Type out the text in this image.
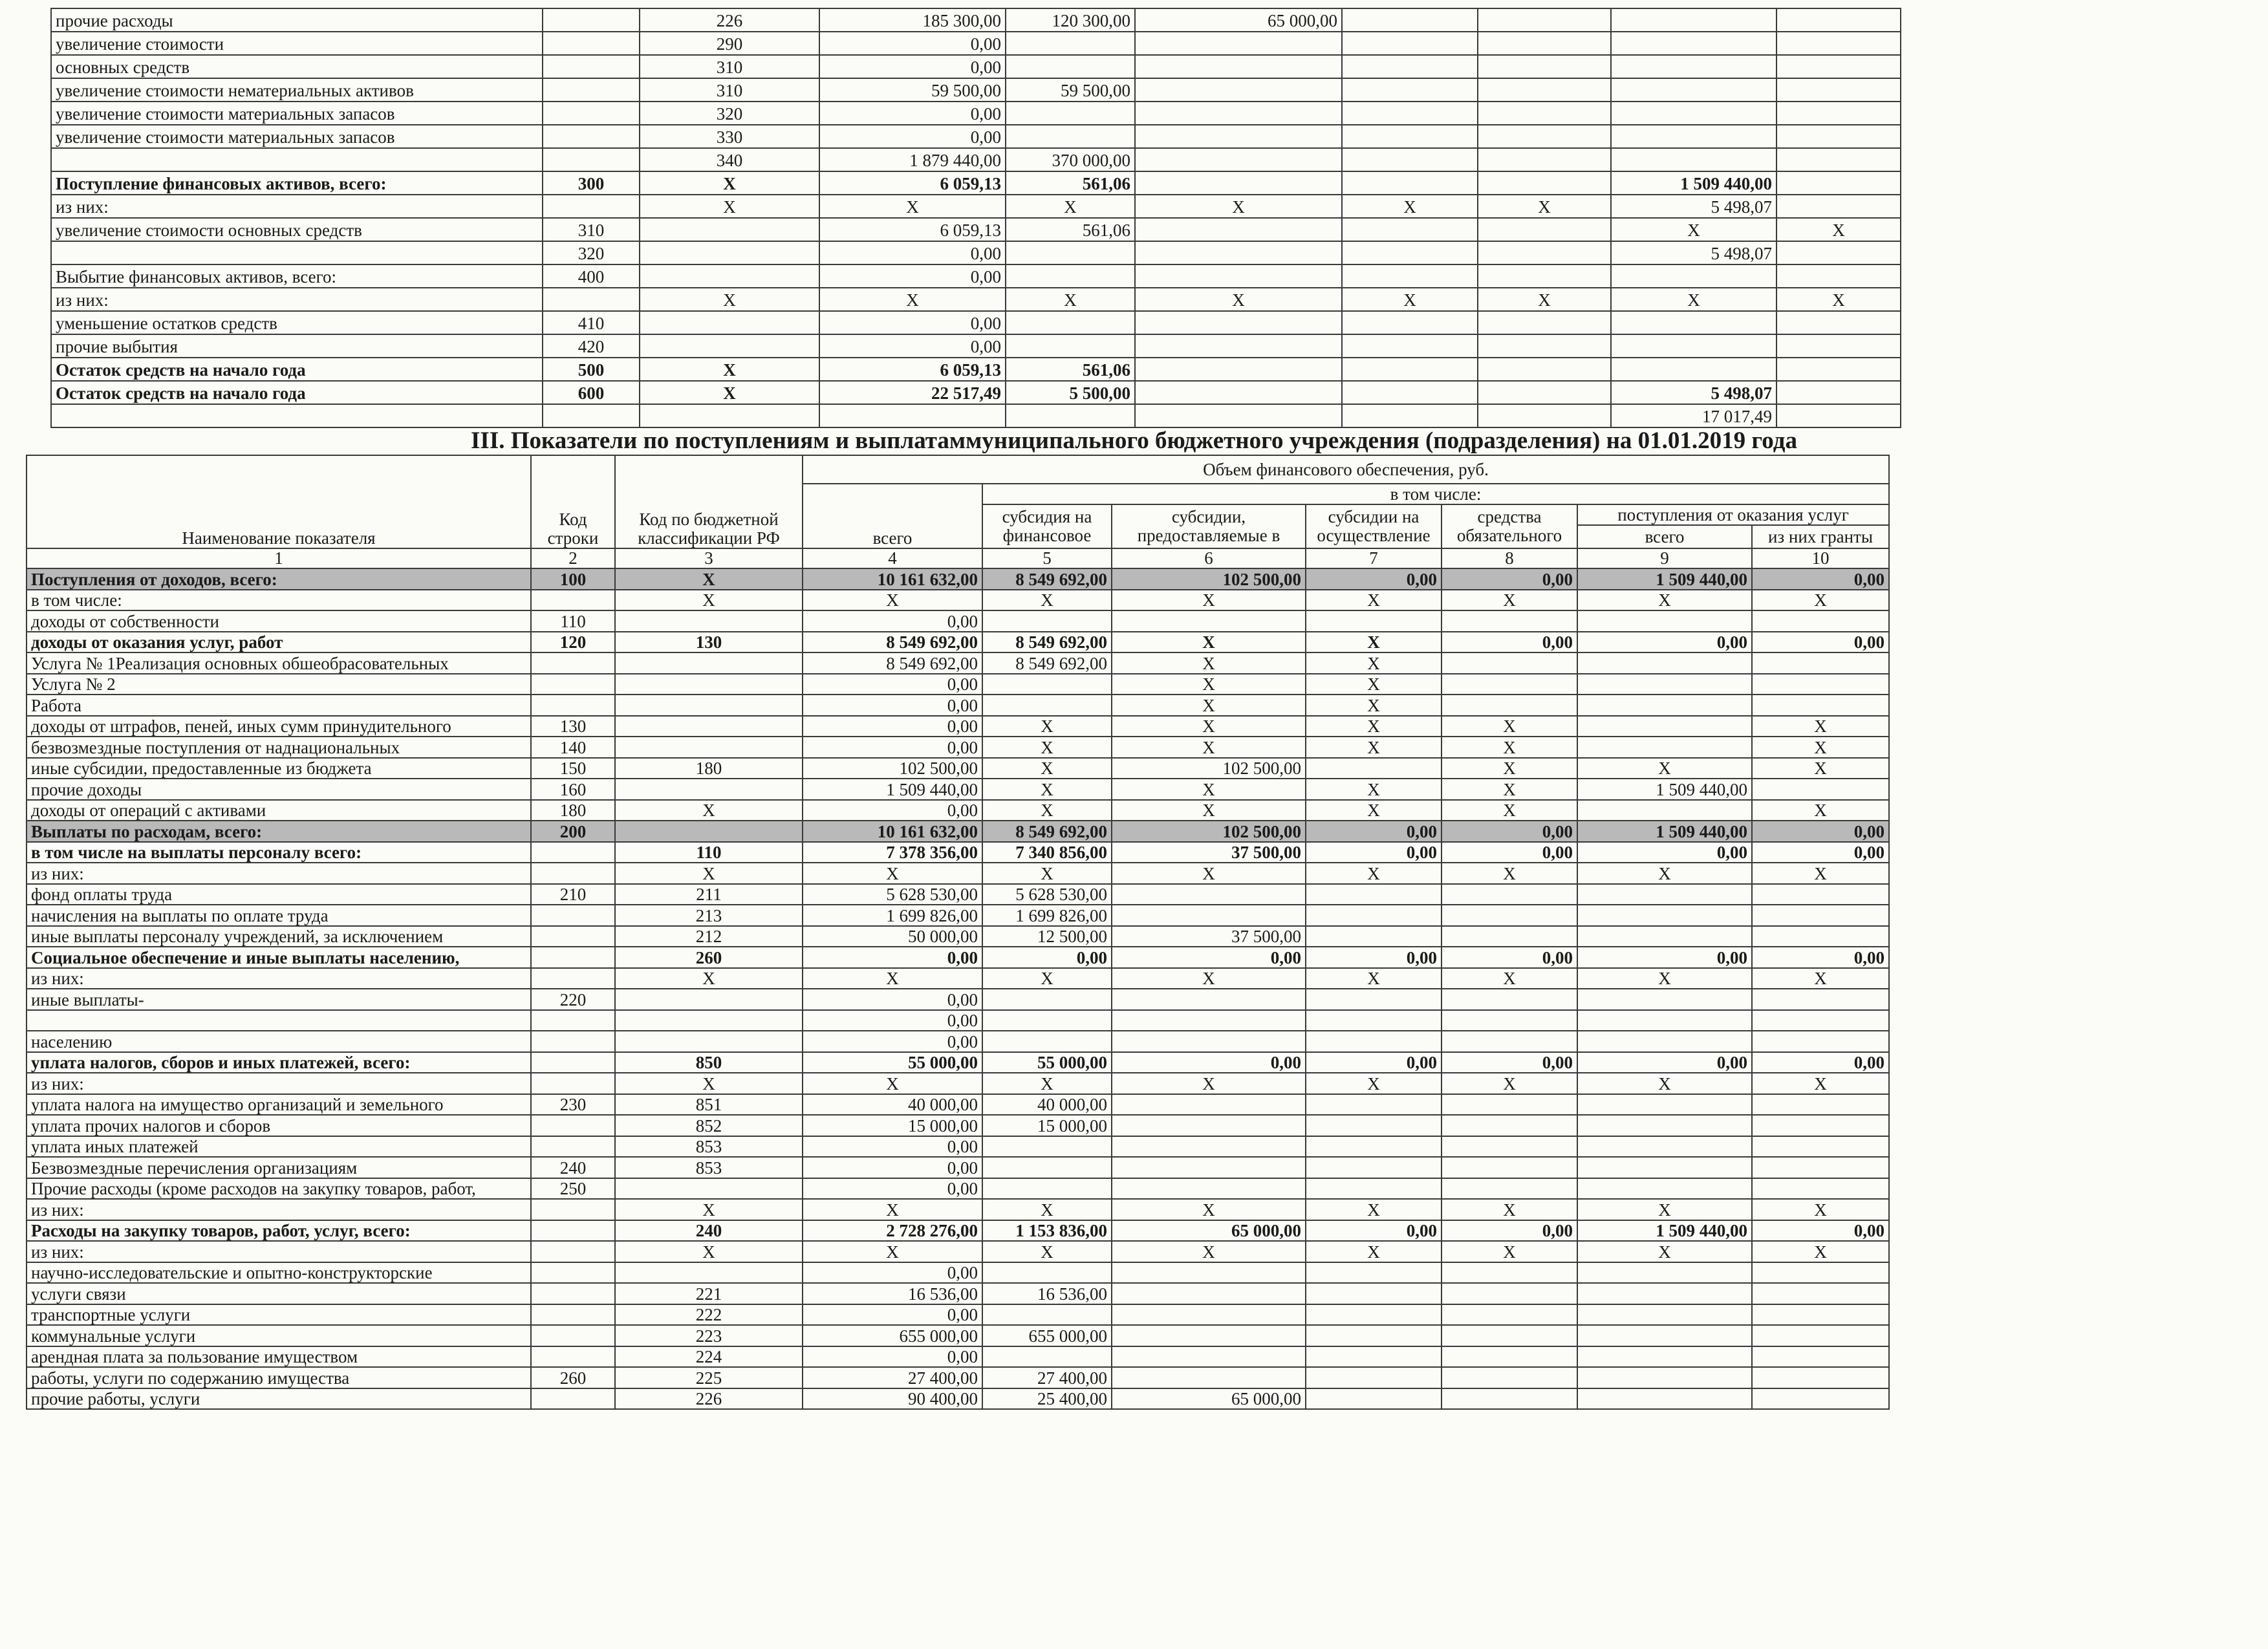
прочие расходы		226	185 300,00	120 300,00	65 000,00				
увеличение стоимости		290	0,00						
основных средств		310	0,00						
увеличение стоимости нематериальных активов		310	59 500,00	59 500,00					
увеличение стоимости материальных запасов		320	0,00						
увеличение стоимости материальных запасов		330	0,00						
		340	1 879 440,00	370 000,00					
Поступление финансовых активов, всего:	300	X	6 059,13	561,06				1 509 440,00	
из них:		X	X	X	X	X	X	5 498,07	
увеличение стоимости основных средств	310		6 059,13	561,06				X	X
	320		0,00					5 498,07	
Выбытие финансовых активов, всего:	400		0,00						
из них:		X	X	X	X	X	X	X	X
уменьшение остатков средств	410		0,00						
прочие выбытия	420		0,00						
Остаток средств на начало года	500	X	6 059,13	561,06					
Остаток средств на начало года	600	X	22 517,49	5 500,00				5 498,07	
								17 017,49	
III. Показатели по поступлениям и выплатаммуниципального бюджетного учреждения (подразделения) на 01.01.2019 года
Наименование показателя	Код строки	Код по бюджетной классификации РФ	Объем финансового обеспечения, руб.						
			всего	в том числе:					
				субсидия на финансовое	субсидии, предоставляемые в	субсидии на осуществление	средства обязательного	поступления от оказания услуг	
								всего	из них гранты
1	2	3	4	5	6	7	8	9	10
Поступления от доходов, всего:	100	X	10 161 632,00	8 549 692,00	102 500,00	0,00	0,00	1 509 440,00	0,00
в том числе:		X	X	X	X	X	X	X	X
доходы от собственности	110		0,00						
доходы от оказания услуг, работ	120	130	8 549 692,00	8 549 692,00	X	X	0,00	0,00	0,00
Услуга № 1Реализация основных обшеобрасовательных			8 549 692,00	8 549 692,00	X	X			
Услуга № 2			0,00		X	X			
Работа			0,00		X	X			
доходы от штрафов, пеней, иных сумм принудительного	130		0,00	X	X	X	X		X
безвозмездные поступления от наднациональных	140		0,00	X	X	X	X		X
иные субсидии, предоставленные из бюджета	150	180	102 500,00	X	102 500,00		X	X	X
прочие доходы	160		1 509 440,00	X	X	X	X	1 509 440,00	
доходы от операций с активами	180	X	0,00	X	X	X	X		X
Выплаты по расходам, всего:	200		10 161 632,00	8 549 692,00	102 500,00	0,00	0,00	1 509 440,00	0,00
в том числе на выплаты персоналу всего:		110	7 378 356,00	7 340 856,00	37 500,00	0,00	0,00	0,00	0,00
из них:		X	X	X	X	X	X	X	X
фонд оплаты труда	210	211	5 628 530,00	5 628 530,00					
начисления на выплаты по оплате труда		213	1 699 826,00	1 699 826,00					
иные выплаты персоналу учреждений, за исключением		212	50 000,00	12 500,00	37 500,00				
Социальное обеспечение и иные выплаты населению,		260	0,00	0,00	0,00	0,00	0,00	0,00	0,00
из них:		X	X	X	X	X	X	X	X
иные выплаты-	220		0,00						
			0,00						
населению			0,00						
уплата налогов, сборов и иных платежей, всего:		850	55 000,00	55 000,00	0,00	0,00	0,00	0,00	0,00
из них:		X	X	X	X	X	X	X	X
уплата налога на имущество организаций и земельного	230	851	40 000,00	40 000,00					
уплата прочих налогов и сборов		852	15 000,00	15 000,00					
уплата иных платежей		853	0,00						
Безвозмездные перечисления организациям	240	853	0,00						
Прочие расходы (кроме расходов на закупку товаров, работ,	250		0,00						
из них:		X	X	X	X	X	X	X	X
Расходы на закупку товаров, работ, услуг, всего:		240	2 728 276,00	1 153 836,00	65 000,00	0,00	0,00	1 509 440,00	0,00
из них:		X	X	X	X	X	X	X	X
научно-исследовательские и опытно-конструкторские			0,00						
услуги связи		221	16 536,00	16 536,00					
транспортные услуги		222	0,00						
коммунальные услуги		223	655 000,00	655 000,00					
арендная плата за пользование имуществом		224	0,00						
работы, услуги по содержанию имущества	260	225	27 400,00	27 400,00					
прочие работы, услуги		226	90 400,00	25 400,00	65 000,00				
